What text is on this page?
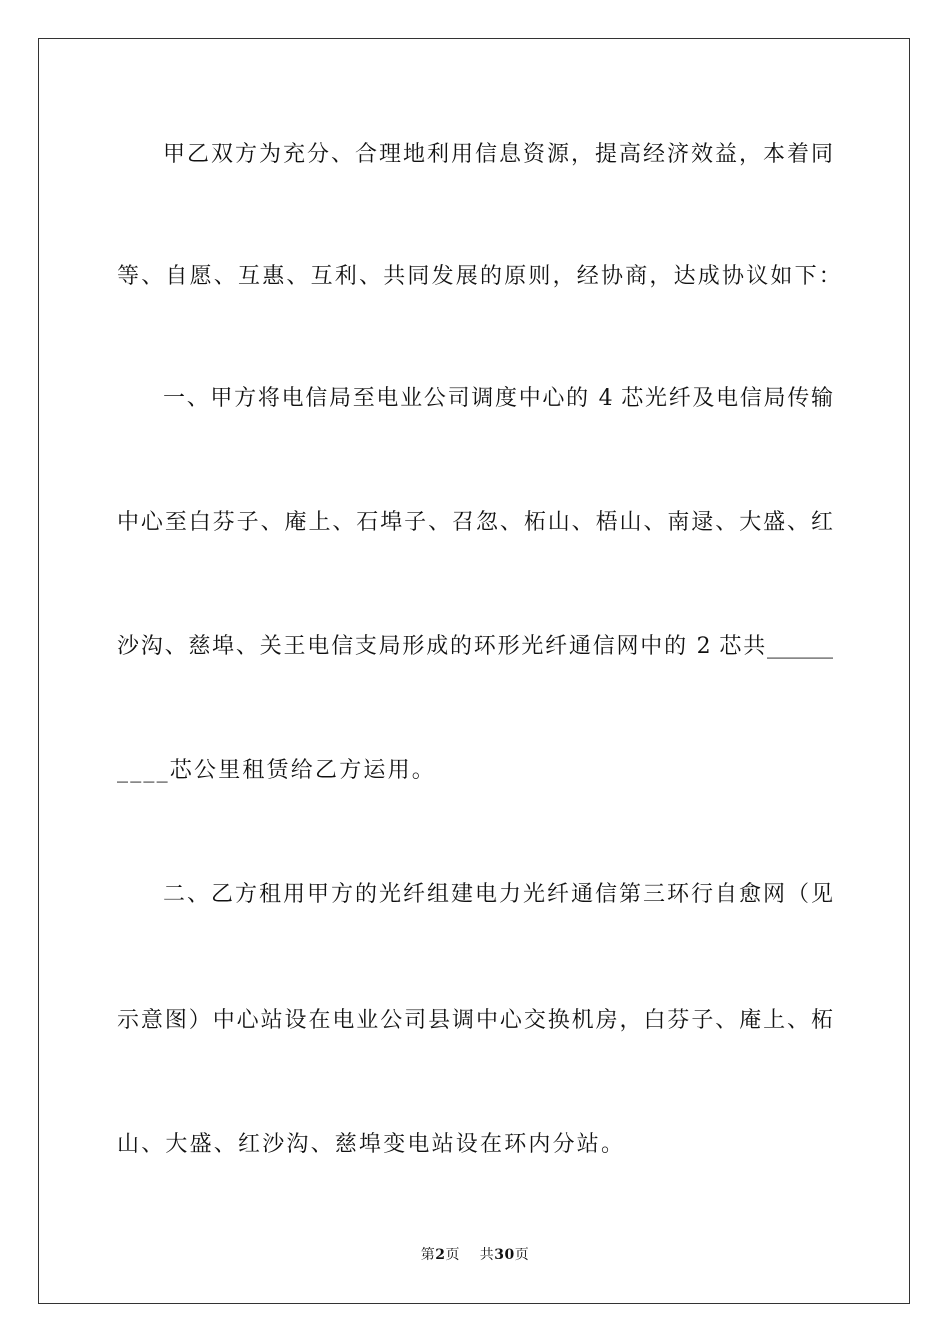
甲乙双方为充分、合理地利用信息资源，提高经济效益，本着同
等、自愿、互惠、互利、共同发展的原则，经协商，达成协议如下：
一、甲方将电信局至电业公司调度中心的 4 芯光纤及电信局传输
中心至白芬子、庵上、石埠子、召忽、柘山、梧山、南逯、大盛、红
沙沟、慈埠、关王电信支局形成的环形光纤通信网中的 2 芯共______
____芯公里租赁给乙方运用。
二、乙方租用甲方的光纤组建电力光纤通信第三环行自愈网（见
示意图）中心站设在电业公司县调中心交换机房，白芬子、庵上、柘
山、大盛、红沙沟、慈埠变电站设在环内分站。
第2页 共30页
